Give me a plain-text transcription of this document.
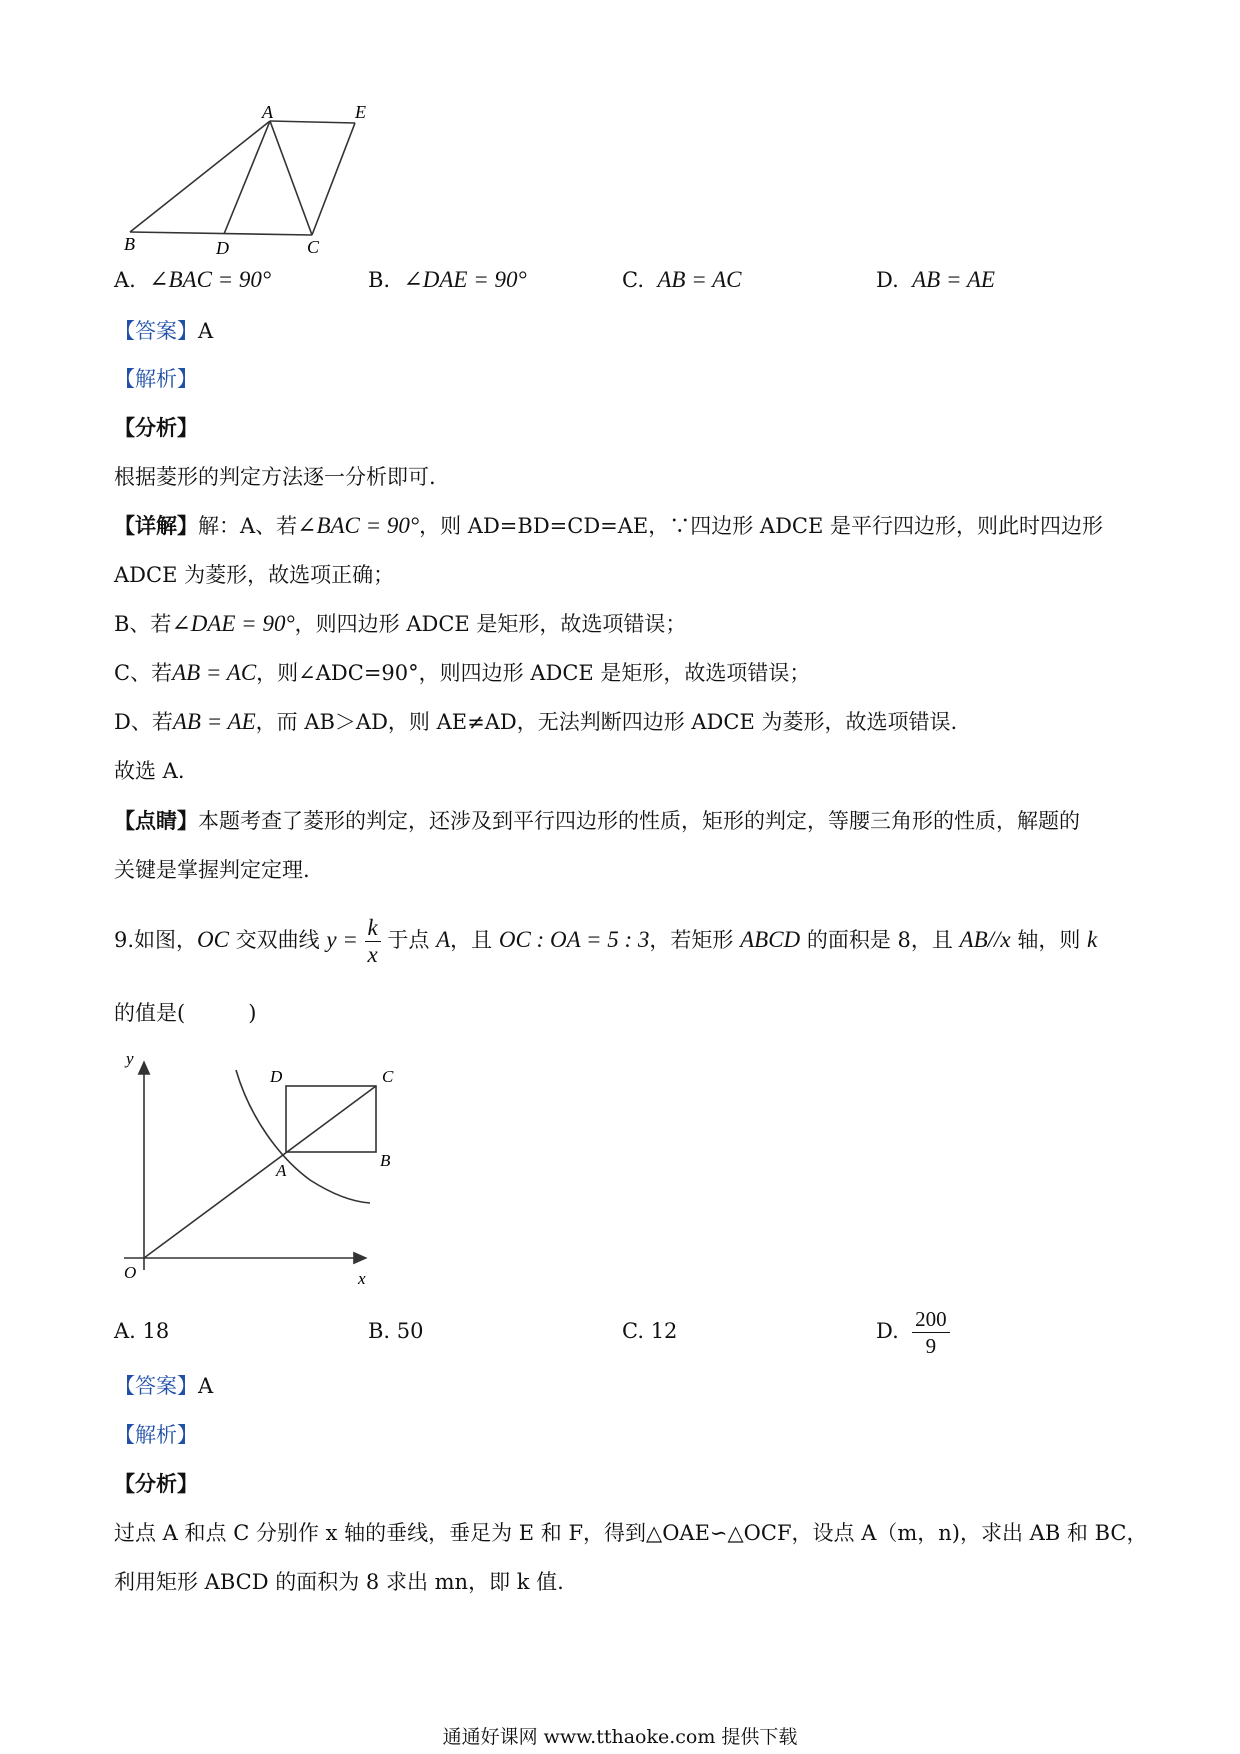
A	E
B	D	C
A. ∠BAC = 90°	B. ∠DAE = 90°	C. AB = AC	D. AB = AE
【答案】A
【解析】
【分析】
根据菱形的判定方法逐一分析即可.
【详解】解：A、若∠BAC = 90°，则 AD=BD=CD=AE，∵四边形 ADCE 是平行四边形，则此时四边形
ADCE 为菱形，故选项正确；
B、若∠DAE = 90°，则四边形 ADCE 是矩形，故选项错误；
C、若AB = AC，则∠ADC=90°，则四边形 ADCE 是矩形，故选项错误；
D、若AB = AE，而 AB＞AD，则 AE≠AD，无法判断四边形 ADCE 为菱形，故选项错误.
故选 A.
【点睛】本题考查了菱形的判定，还涉及到平行四边形的性质，矩形的判定，等腰三角形的性质，解题的
关键是掌握判定定理.
9.如图，OC 交双曲线 $y = \frac{k}{x}$ 于点 A，且 OC : OA = 5 : 3，若矩形 ABCD 的面积是 8，且 AB//x 轴，则 k
的值是(　　　)
y
x
O
D	C
B
A
A. 18	B. 50	C. 12	D. $\frac{200}{9}$
【答案】A
【解析】
【分析】
过点 A 和点 C 分别作 x 轴的垂线，垂足为 E 和 F，得到△OAE∽△OCF，设点 A（m，n)，求出 AB 和 BC，
利用矩形 ABCD 的面积为 8 求出 mn，即 k 值.
通通好课网 www.tthaoke.com 提供下载
